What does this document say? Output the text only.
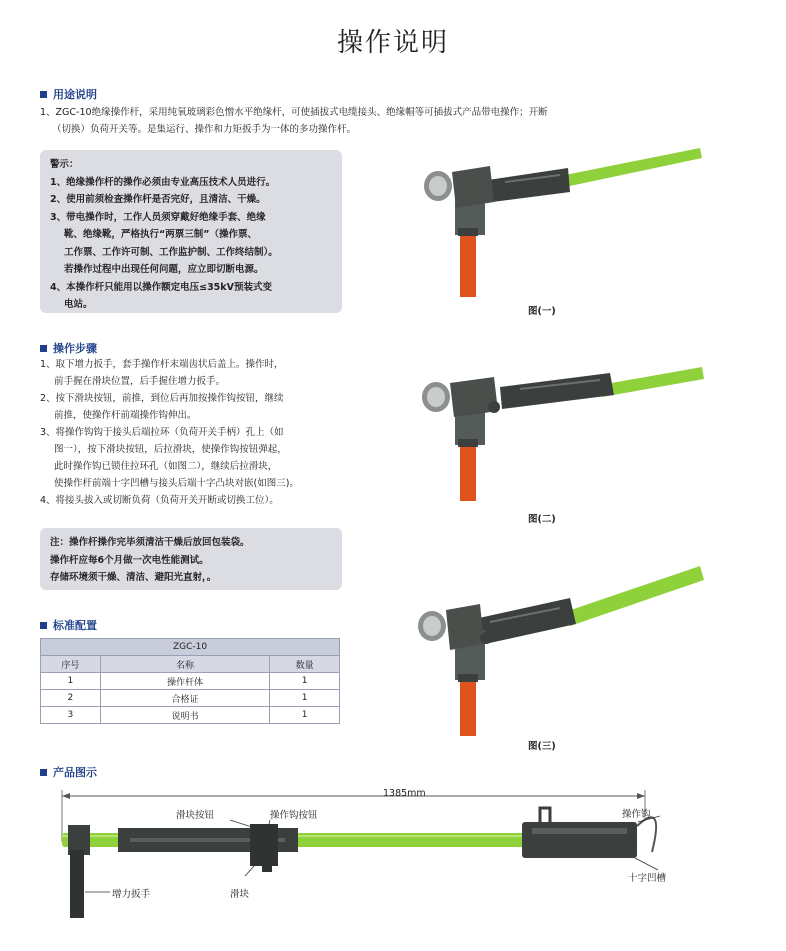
操作说明
用途说明
1、ZGC-10绝缘操作杆，采用纯氧玻璃彩色憎水平绝缘杆，可使插拔式电缆接头、绝缘帽等可插拔式产品带电操作；开断
（切换）负荷开关等。是集运行、操作和力矩扳手为一体的多功操作杆。
警示：
1、绝缘操作杆的操作必须由专业高压技术人员进行。
2、使用前须检查操作杆是否完好，且清洁、干燥。
3、带电操作时，工作人员须穿戴好绝缘手套、绝缘
靴、绝缘靴，严格执行“两票三制”（操作票、
工作票、工作许可制、工作监护制、工作终结制）。
若操作过程中出现任何问题，应立即切断电源。
4、本操作杆只能用以操作额定电压≤35kV预装式变
电站。
操作步骤
1、取下增力扳手，套手操作杆末端齿状后盖上。操作时，
前手握在滑块位置，后手握住增力扳手。
2、按下滑块按钮，前推，到位后再加按操作钩按钮，继续
前推，使操作杆前端操作钩伸出。
3、将操作钩钩于接头后端拉环（负荷开关手柄）孔上（如
图一），按下滑块按钮，后拉滑块，使操作钩按钮弹起，
此时操作钩已锁住拉环孔（如图二），继续后拉滑块，
使操作杆前端十字凹槽与接头后端十字凸块对嵌(如图三)。
4、将接头拔入或切断负荷（负荷开关开断或切换工位）。
注：操作杆操作完毕须清洁干燥后放回包装袋。
操作杆应每6个月做一次电性能测试。
存储环境须干燥、清洁、避阳光直射，。
标准配置
ZGC-10		
序号	名称	数量
1	操作杆体	1
2	合格证	1
3	说明书	1
图(一)
图(二)
图(三)
产品图示
1385mm
滑块按钮	操作钩按钮	操作钩
增力扳手	滑块
十字凹槽
